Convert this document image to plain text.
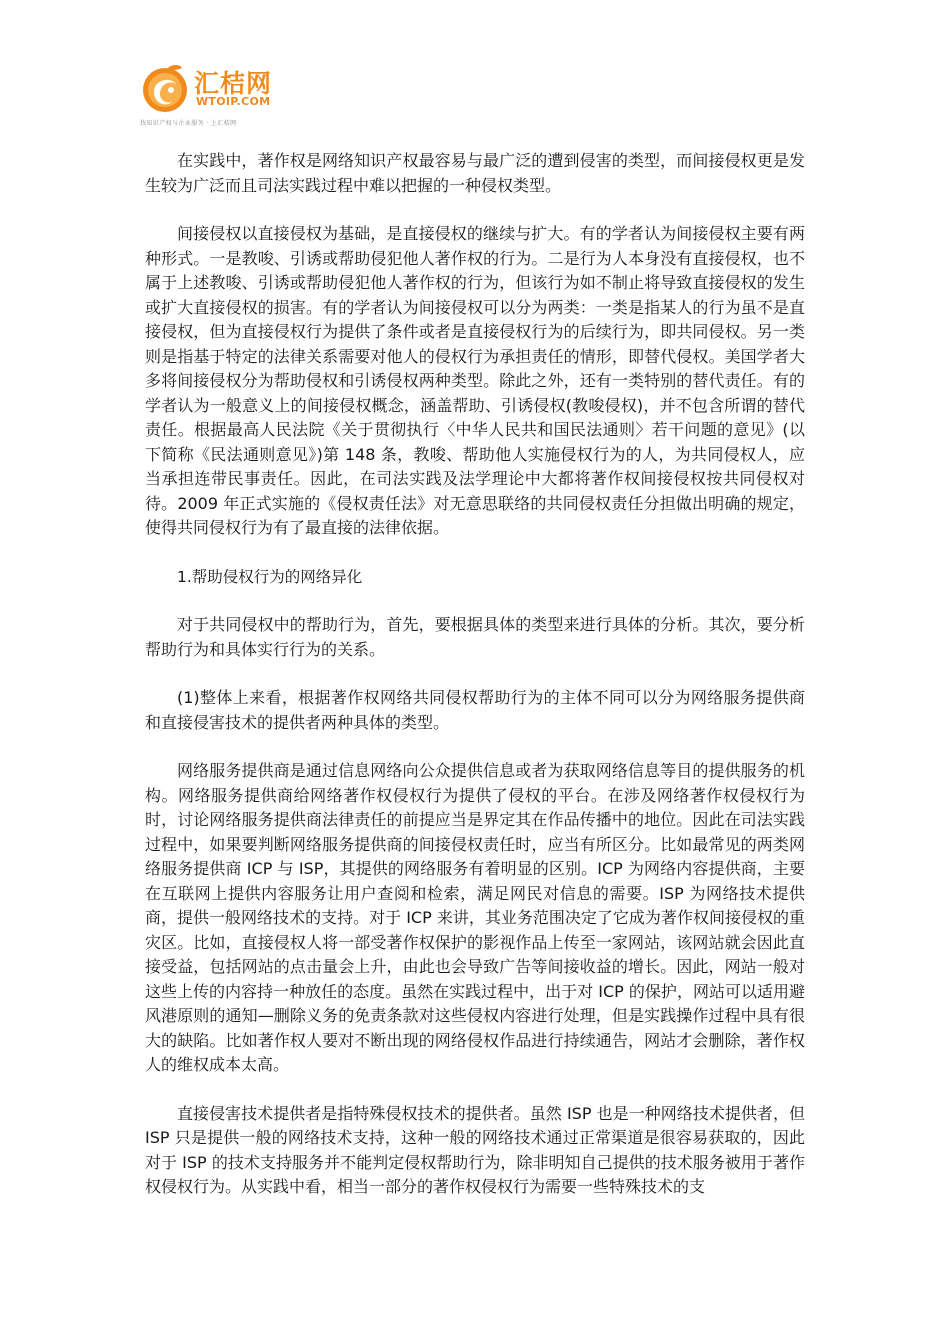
汇桔网
WTOIP.COM
找知识产权与企业服务 · 上汇桔网

在实践中，著作权是网络知识产权最容易与最广泛的遭到侵害的类型，而间接侵权更是发生较为广泛而且司法实践过程中难以把握的一种侵权类型。

间接侵权以直接侵权为基础，是直接侵权的继续与扩大。有的学者认为间接侵权主要有两种形式。一是教唆、引诱或帮助侵犯他人著作权的行为。二是行为人本身没有直接侵权，也不属于上述教唆、引诱或帮助侵犯他人著作权的行为，但该行为如不制止将导致直接侵权的发生或扩大直接侵权的损害。有的学者认为间接侵权可以分为两类：一类是指某人的行为虽不是直接侵权，但为直接侵权行为提供了条件或者是直接侵权行为的后续行为，即共同侵权。另一类则是指基于特定的法律关系需要对他人的侵权行为承担责任的情形，即替代侵权。美国学者大多将间接侵权分为帮助侵权和引诱侵权两种类型。除此之外，还有一类特别的替代责任。有的学者认为一般意义上的间接侵权概念，涵盖帮助、引诱侵权(教唆侵权)，并不包含所谓的替代责任。根据最高人民法院《关于贯彻执行〈中华人民共和国民法通则〉若干问题的意见》(以下简称《民法通则意见》)第 148 条，教唆、帮助他人实施侵权行为的人，为共同侵权人，应当承担连带民事责任。因此，在司法实践及法学理论中大都将著作权间接侵权按共同侵权对待。2009 年正式实施的《侵权责任法》对无意思联络的共同侵权责任分担做出明确的规定，使得共同侵权行为有了最直接的法律依据。

1.帮助侵权行为的网络异化

对于共同侵权中的帮助行为，首先，要根据具体的类型来进行具体的分析。其次，要分析帮助行为和具体实行行为的关系。

(1)整体上来看，根据著作权网络共同侵权帮助行为的主体不同可以分为网络服务提供商和直接侵害技术的提供者两种具体的类型。

网络服务提供商是通过信息网络向公众提供信息或者为获取网络信息等目的提供服务的机构。网络服务提供商给网络著作权侵权行为提供了侵权的平台。在涉及网络著作权侵权行为时，讨论网络服务提供商法律责任的前提应当是界定其在作品传播中的地位。因此在司法实践过程中，如果要判断网络服务提供商的间接侵权责任时，应当有所区分。比如最常见的两类网络服务提供商 ICP 与 ISP，其提供的网络服务有着明显的区别。ICP 为网络内容提供商，主要在互联网上提供内容服务让用户查阅和检索，满足网民对信息的需要。ISP 为网络技术提供商，提供一般网络技术的支持。对于 ICP 来讲，其业务范围决定了它成为著作权间接侵权的重灾区。比如，直接侵权人将一部受著作权保护的影视作品上传至一家网站，该网站就会因此直接受益，包括网站的点击量会上升，由此也会导致广告等间接收益的增长。因此，网站一般对这些上传的内容持一种放任的态度。虽然在实践过程中，出于对 ICP 的保护，网站可以适用避风港原则的通知—删除义务的免责条款对这些侵权内容进行处理，但是实践操作过程中具有很大的缺陷。比如著作权人要对不断出现的网络侵权作品进行持续通告，网站才会删除，著作权人的维权成本太高。

直接侵害技术提供者是指特殊侵权技术的提供者。虽然 ISP 也是一种网络技术提供者，但 ISP 只是提供一般的网络技术支持，这种一般的网络技术通过正常渠道是很容易获取的，因此对于 ISP 的技术支持服务并不能判定侵权帮助行为，除非明知自己提供的技术服务被用于著作权侵权行为。从实践中看，相当一部分的著作权侵权行为需要一些特殊技术的支
